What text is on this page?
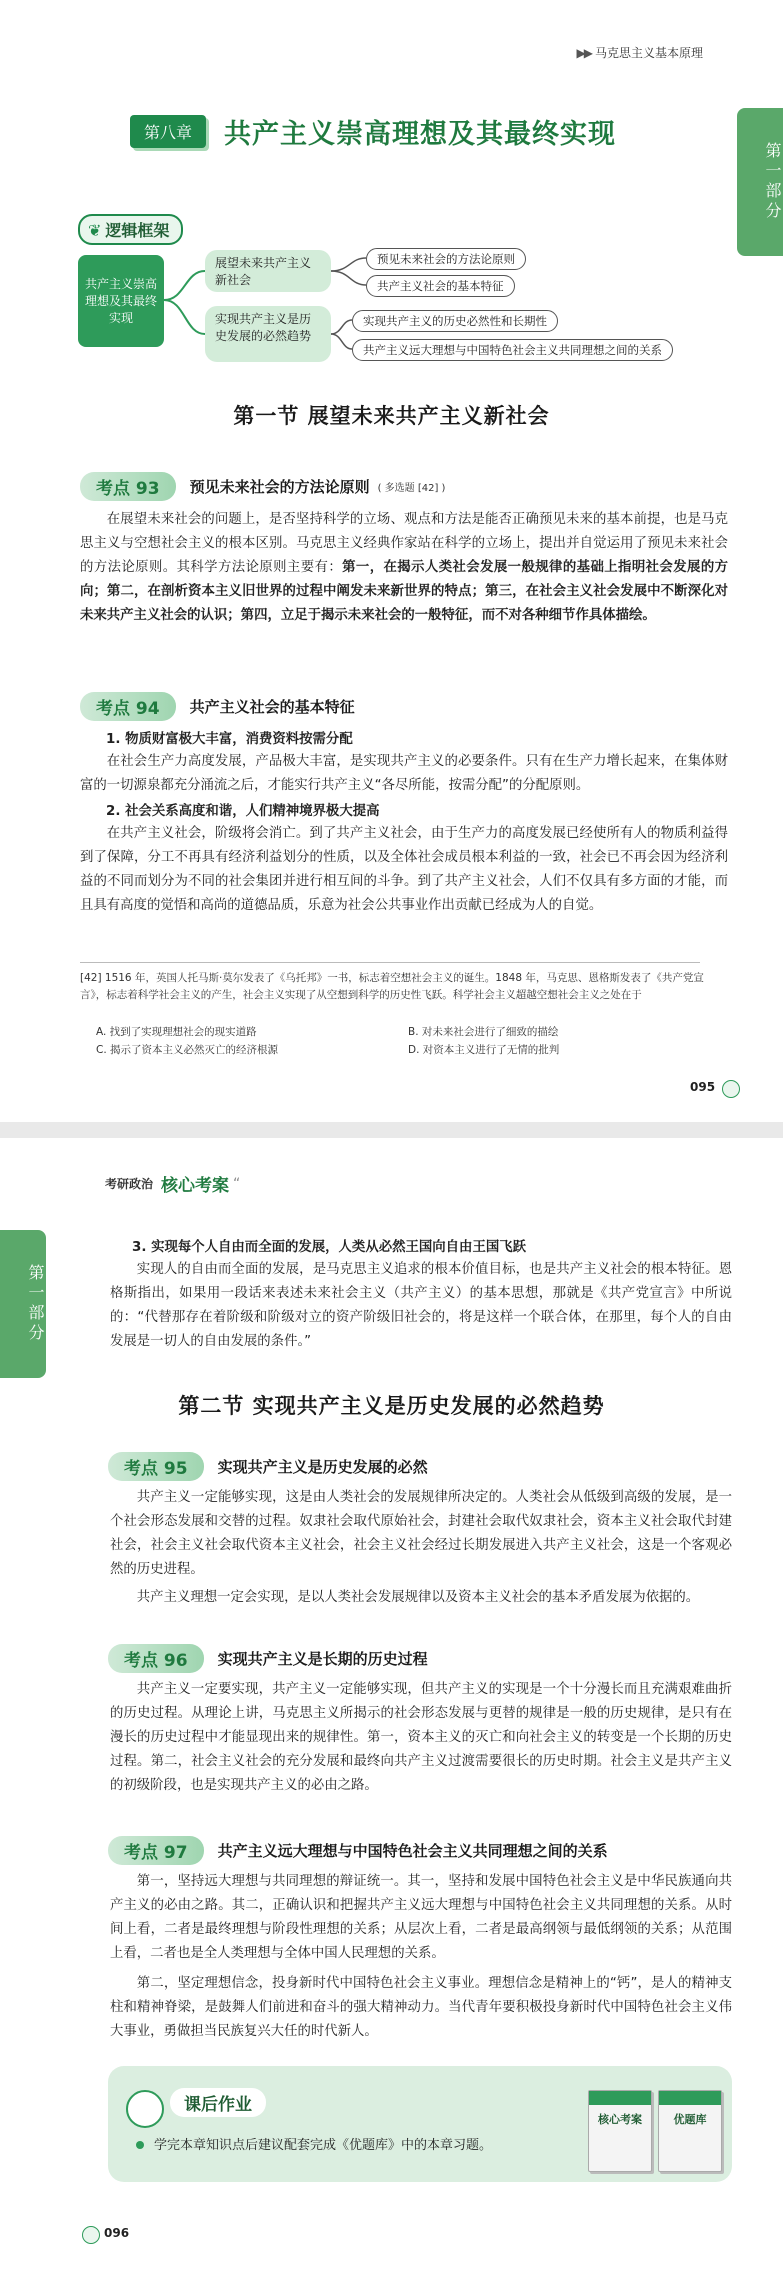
▶▶ 马克思主义基本原理
第一部分
第八章	共产主义崇高理想及其最终实现
❦ 逻辑框架
共产主义崇高理想及其最终实现
展望未来共产主义新社会
实现共产主义是历史发展的必然趋势
预见未来社会的方法论原则
共产主义社会的基本特征
实现共产主义的历史必然性和长期性
共产主义远大理想与中国特色社会主义共同理想之间的关系
第一节 展望未来共产主义新社会
考点 93	预见未来社会的方法论原则 ( 多选题 [42] )
在展望未来社会的问题上，是否坚持科学的立场、观点和方法是能否正确预见未来的基本前提，也是马克思主义与空想社会主义的根本区别。马克思主义经典作家站在科学的立场上，提出并自觉运用了预见未来社会的方法论原则。其科学方法论原则主要有：第一，在揭示人类社会发展一般规律的基础上指明社会发展的方向；第二，在剖析资本主义旧世界的过程中阐发未来新世界的特点；第三，在社会主义社会发展中不断深化对未来共产主义社会的认识；第四，立足于揭示未来社会的一般特征，而不对各种细节作具体描绘。
考点 94	共产主义社会的基本特征
1. 物质财富极大丰富，消费资料按需分配
在社会生产力高度发展，产品极大丰富，是实现共产主义的必要条件。只有在生产力增长起来，在集体财富的一切源泉都充分涌流之后，才能实行共产主义“各尽所能，按需分配”的分配原则。
2. 社会关系高度和谐，人们精神境界极大提高
在共产主义社会，阶级将会消亡。到了共产主义社会，由于生产力的高度发展已经使所有人的物质利益得到了保障，分工不再具有经济利益划分的性质，以及全体社会成员根本利益的一致，社会已不再会因为经济利益的不同而划分为不同的社会集团并进行相互间的斗争。到了共产主义社会，人们不仅具有多方面的才能，而且具有高度的觉悟和高尚的道德品质，乐意为社会公共事业作出贡献已经成为人的自觉。
[42] 1516 年，英国人托马斯·莫尔发表了《乌托邦》一书，标志着空想社会主义的诞生。1848 年，马克思、恩格斯发表了《共产党宣言》，标志着科学社会主义的产生，社会主义实现了从空想到科学的历史性飞跃。科学社会主义超越空想社会主义之处在于
A. 找到了实现理想社会的现实道路	B. 对未来社会进行了细致的描绘
C. 揭示了资本主义必然灭亡的经济根源	D. 对资本主义进行了无情的批判
095
第一部分
考研政治 核心考案 “
3. 实现每个人自由而全面的发展，人类从必然王国向自由王国飞跃
实现人的自由而全面的发展，是马克思主义追求的根本价值目标，也是共产主义社会的根本特征。恩格斯指出，如果用一段话来表述未来社会主义（共产主义）的基本思想，那就是《共产党宣言》中所说的：“代替那存在着阶级和阶级对立的资产阶级旧社会的，将是这样一个联合体，在那里，每个人的自由发展是一切人的自由发展的条件。”
第二节 实现共产主义是历史发展的必然趋势
考点 95	实现共产主义是历史发展的必然
共产主义一定能够实现，这是由人类社会的发展规律所决定的。人类社会从低级到高级的发展，是一个社会形态发展和交替的过程。奴隶社会取代原始社会，封建社会取代奴隶社会，资本主义社会取代封建社会，社会主义社会取代资本主义社会，社会主义社会经过长期发展进入共产主义社会，这是一个客观必然的历史进程。
共产主义理想一定会实现，是以人类社会发展规律以及资本主义社会的基本矛盾发展为依据的。
考点 96	实现共产主义是长期的历史过程
共产主义一定要实现，共产主义一定能够实现，但共产主义的实现是一个十分漫长而且充满艰难曲折的历史过程。从理论上讲，马克思主义所揭示的社会形态发展与更替的规律是一般的历史规律，是只有在漫长的历史过程中才能显现出来的规律性。第一，资本主义的灭亡和向社会主义的转变是一个长期的历史过程。第二，社会主义社会的充分发展和最终向共产主义过渡需要很长的历史时期。社会主义是共产主义的初级阶段，也是实现共产主义的必由之路。
考点 97	共产主义远大理想与中国特色社会主义共同理想之间的关系
第一，坚持远大理想与共同理想的辩证统一。其一，坚持和发展中国特色社会主义是中华民族通向共产主义的必由之路。其二，正确认识和把握共产主义远大理想与中国特色社会主义共同理想的关系。从时间上看，二者是最终理想与阶段性理想的关系；从层次上看，二者是最高纲领与最低纲领的关系；从范围上看，二者也是全人类理想与全体中国人民理想的关系。
第二，坚定理想信念，投身新时代中国特色社会主义事业。理想信念是精神上的“钙”，是人的精神支柱和精神脊梁，是鼓舞人们前进和奋斗的强大精神动力。当代青年要积极投身新时代中国特色社会主义伟大事业，勇做担当民族复兴大任的时代新人。
课后作业
学完本章知识点后建议配套完成《优题库》中的本章习题。
核心考案	优题库
096
